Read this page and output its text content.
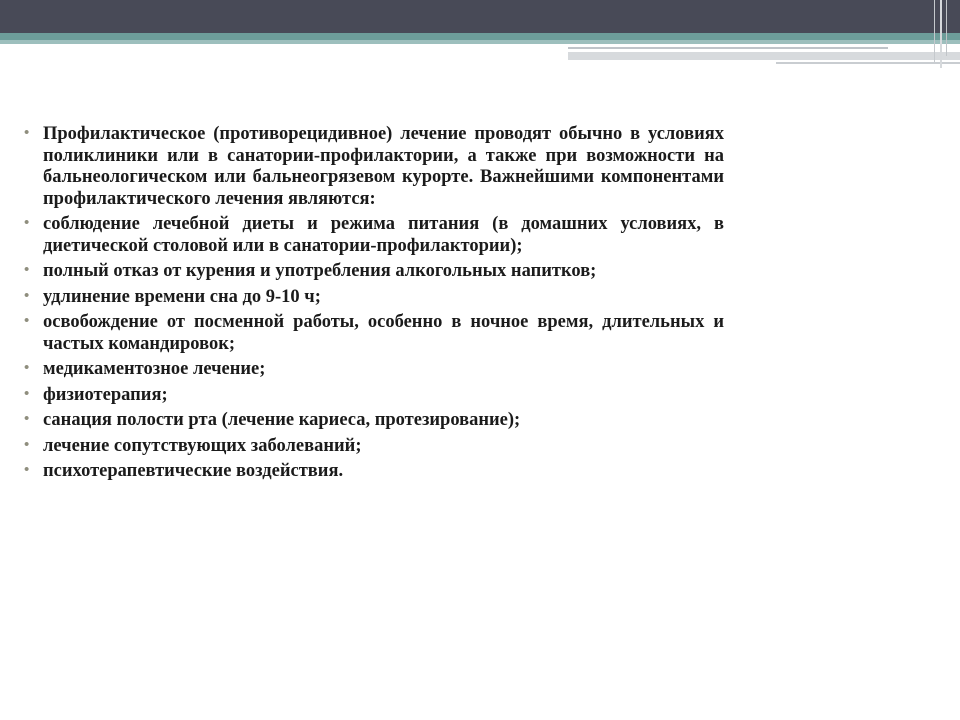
• Профилактическое (противорецидивное) лечение проводят обычно в условиях поликлиники или в санатории-профилактории, а также при возможности на бальнеологическом или бальнеогрязевом курорте. Важнейшими компонентами профилактического лечения являются:
• соблюдение лечебной диеты и режима питания (в домашних условиях, в диетической столовой или в санатории-профилактории);
• полный отказ от курения и употребления алкогольных напитков;
• удлинение времени сна до 9-10 ч;
• освобождение от посменной работы, особенно в ночное время, длительных и частых командировок;
• медикаментозное лечение;
• физиотерапия;
• санация полости рта (лечение кариеса, протезирование);
• лечение сопутствующих заболеваний;
• психотерапевтические воздействия.
